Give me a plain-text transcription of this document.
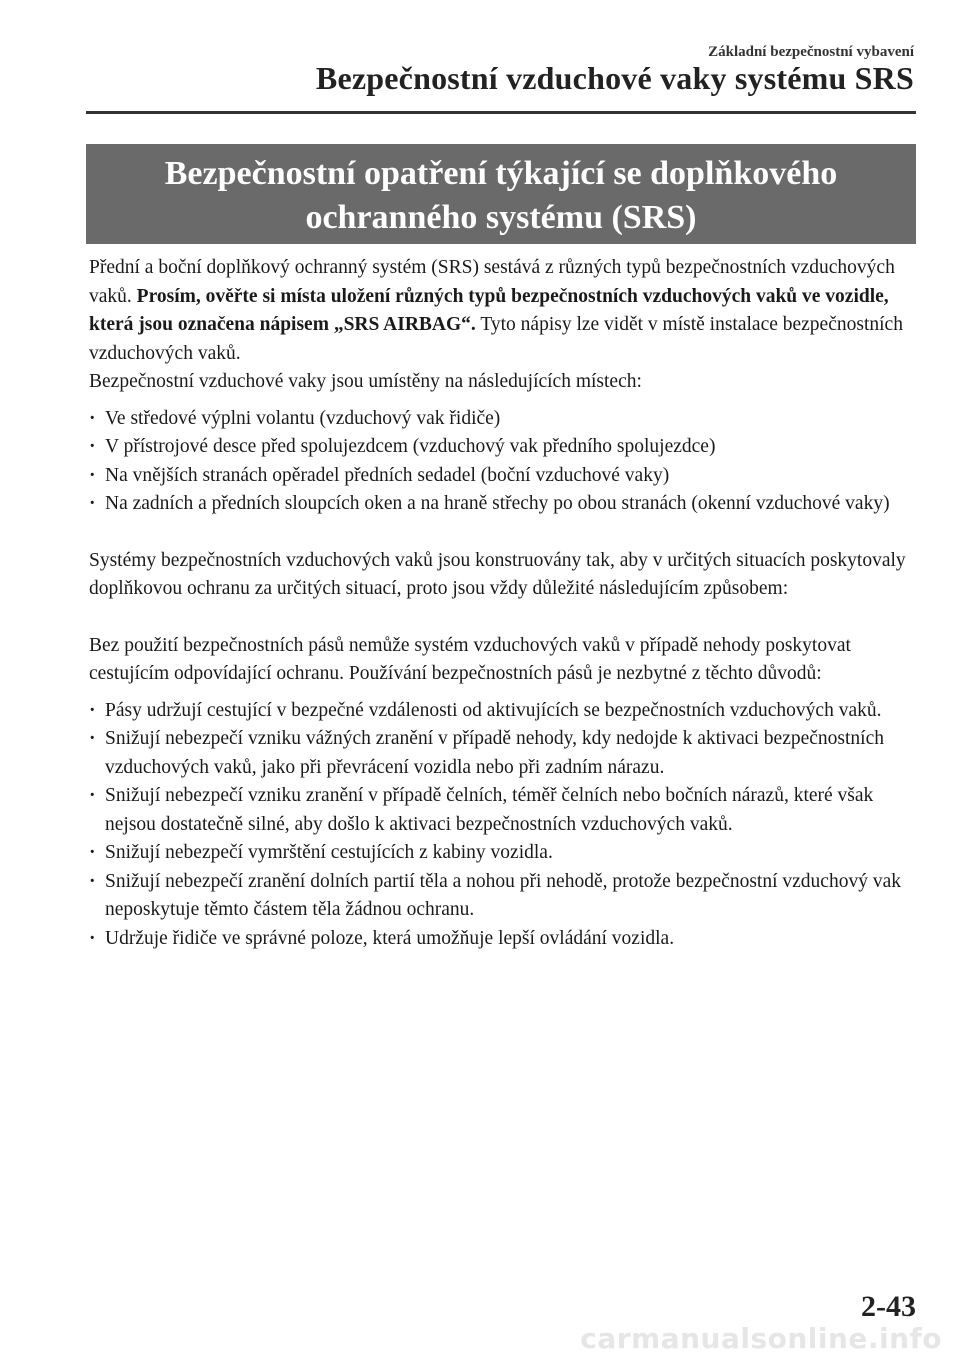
Základní bezpečnostní vybavení
Bezpečnostní vzduchové vaky systému SRS
Bezpečnostní opatření týkající se doplňkového
ochranného systému (SRS)

Přední a boční doplňkový ochranný systém (SRS) sestává z různých typů bezpečnostních vzduchových vaků. Prosím, ověřte si místa uložení různých typů bezpečnostních vzduchových vaků ve vozidle, která jsou označena nápisem „SRS AIRBAG“. Tyto nápisy lze vidět v místě instalace bezpečnostních vzduchových vaků.

Bezpečnostní vzduchové vaky jsou umístěny na následujících místech:

· Ve středové výplni volantu (vzduchový vak řidiče)
· V přístrojové desce před spolujezdcem (vzduchový vak předního spolujezdce)
· Na vnějších stranách opěradel předních sedadel (boční vzduchové vaky)
· Na zadních a předních sloupcích oken a na hraně střechy po obou stranách (okenní vzduchové vaky)

Systémy bezpečnostních vzduchových vaků jsou konstruovány tak, aby v určitých situacích poskytovaly doplňkovou ochranu za určitých situací, proto jsou vždy důležité následujícím způsobem:

Bez použití bezpečnostních pásů nemůže systém vzduchových vaků v případě nehody poskytovat cestujícím odpovídající ochranu. Používání bezpečnostních pásů je nezbytné z těchto důvodů:

· Pásy udržují cestující v bezpečné vzdálenosti od aktivujících se bezpečnostních vzduchových vaků.
· Snižují nebezpečí vzniku vážných zranění v případě nehody, kdy nedojde k aktivaci bezpečnostních vzduchových vaků, jako při převrácení vozidla nebo při zadním nárazu.
· Snižují nebezpečí vzniku zranění v případě čelních, téměř čelních nebo bočních nárazů, které však nejsou dostatečně silné, aby došlo k aktivaci bezpečnostních vzduchových vaků.
· Snižují nebezpečí vymrštění cestujících z kabiny vozidla.
· Snižují nebezpečí zranění dolních partií těla a nohou při nehodě, protože bezpečnostní vzduchový vak neposkytuje těmto částem těla žádnou ochranu.
· Udržuje řidiče ve správné poloze, která umožňuje lepší ovládání vozidla.
2-43
carmanualsonline.info
